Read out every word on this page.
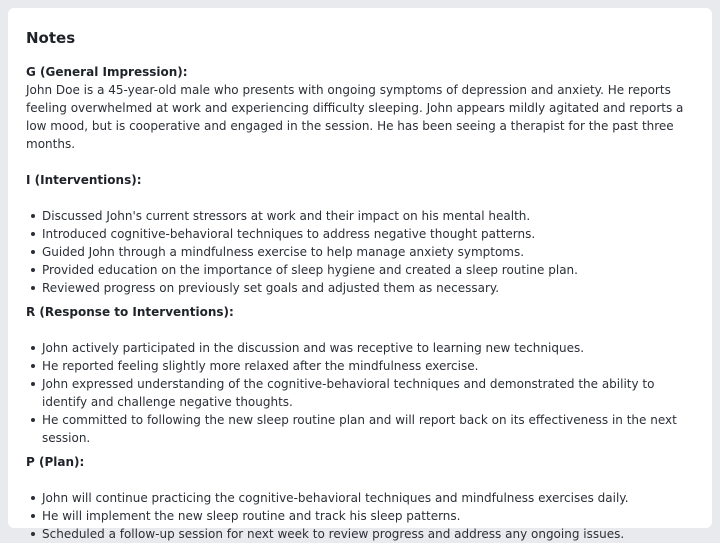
Notes

G (General Impression):

John Doe is a 45-year-old male who presents with ongoing symptoms of depression and anxiety. He reports feeling overwhelmed at work and experiencing difficulty sleeping. John appears mildly agitated and reports a low mood, but is cooperative and engaged in the session. He has been seeing a therapist for the past three months.

I (Interventions):

Discussed John's current stressors at work and their impact on his mental health.
Introduced cognitive-behavioral techniques to address negative thought patterns.
Guided John through a mindfulness exercise to help manage anxiety symptoms.
Provided education on the importance of sleep hygiene and created a sleep routine plan.
Reviewed progress on previously set goals and adjusted them as necessary.

R (Response to Interventions):

John actively participated in the discussion and was receptive to learning new techniques.
He reported feeling slightly more relaxed after the mindfulness exercise.
John expressed understanding of the cognitive-behavioral techniques and demonstrated the ability to identify and challenge negative thoughts.
He committed to following the new sleep routine plan and will report back on its effectiveness in the next session.

P (Plan):

John will continue practicing the cognitive-behavioral techniques and mindfulness exercises daily.
He will implement the new sleep routine and track his sleep patterns.
Scheduled a follow-up session for next week to review progress and address any ongoing issues.
